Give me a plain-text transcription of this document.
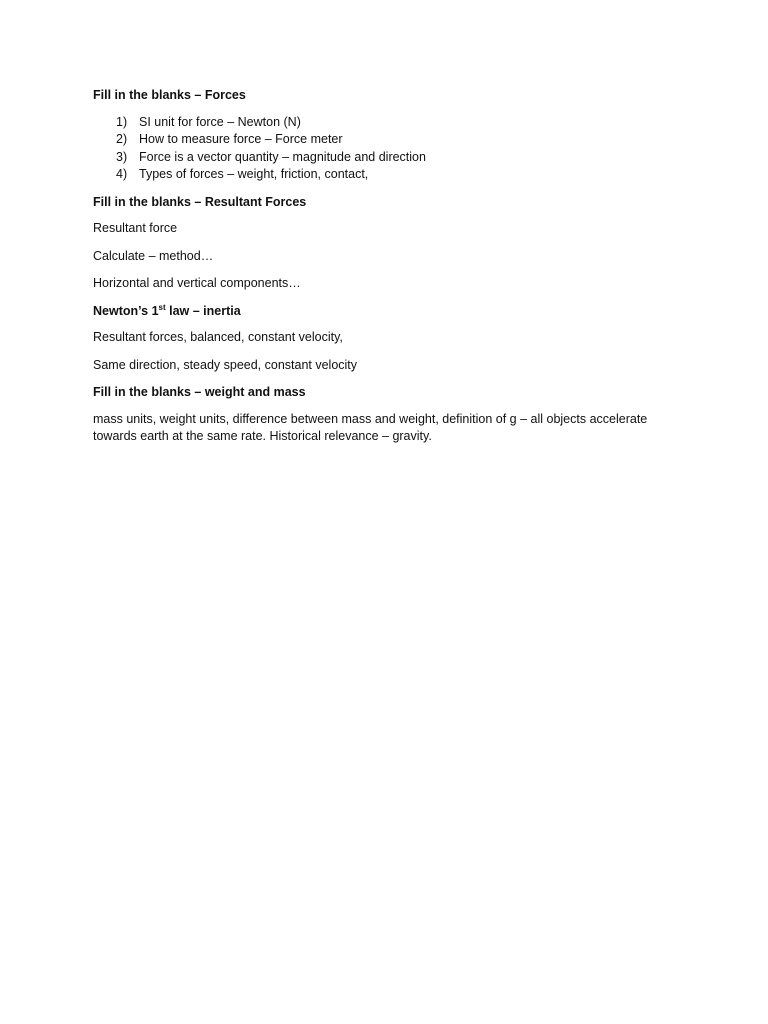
Fill in the blanks – Forces
1) SI unit for force – Newton (N)
2) How to measure force – Force meter
3) Force is a vector quantity – magnitude and direction
4) Types of forces – weight, friction, contact,
Fill in the blanks – Resultant Forces
Resultant force
Calculate – method…
Horizontal and vertical components…
Newton’s 1st law – inertia
Resultant forces, balanced, constant velocity,
Same direction, steady speed, constant velocity
Fill in the blanks – weight and mass
mass units, weight units, difference between mass and weight, definition of g – all objects accelerate towards earth at the same rate. Historical relevance – gravity.
